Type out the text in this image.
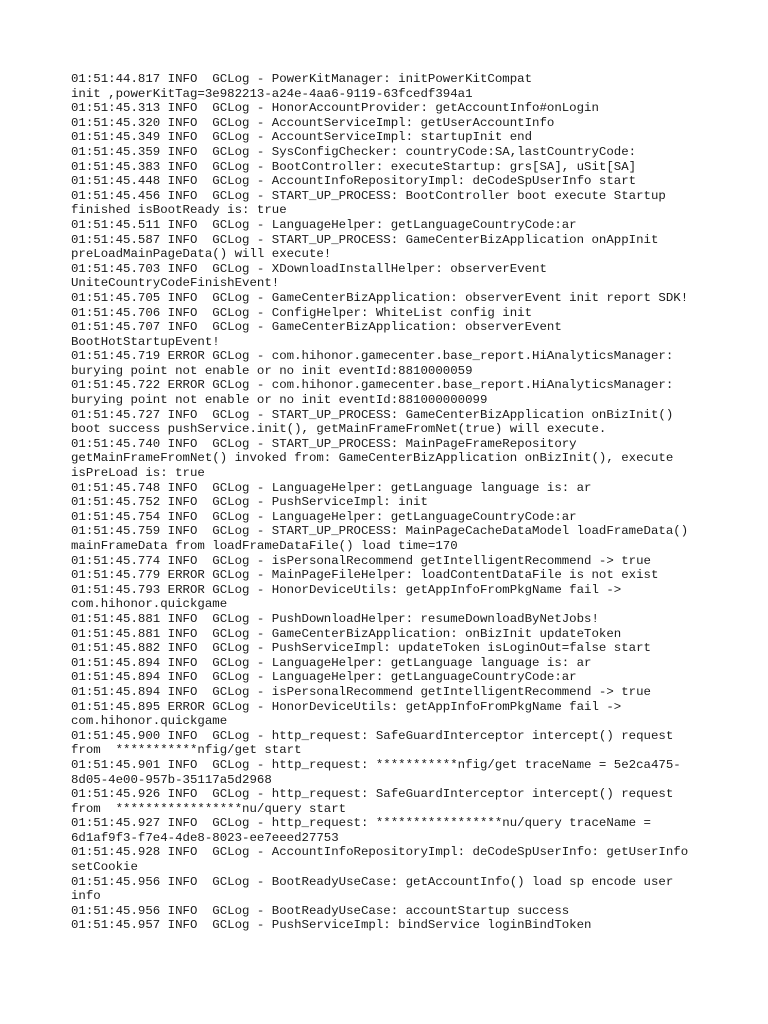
01:51:44.817 INFO  GCLog - PowerKitManager: initPowerKitCompat
init ,powerKitTag=3e982213-a24e-4aa6-9119-63fcedf394a1
01:51:45.313 INFO  GCLog - HonorAccountProvider: getAccountInfo#onLogin
01:51:45.320 INFO  GCLog - AccountServiceImpl: getUserAccountInfo
01:51:45.349 INFO  GCLog - AccountServiceImpl: startupInit end
01:51:45.359 INFO  GCLog - SysConfigChecker: countryCode:SA,lastCountryCode:
01:51:45.383 INFO  GCLog - BootController: executeStartup: grs[SA], uSit[SA]
01:51:45.448 INFO  GCLog - AccountInfoRepositoryImpl: deCodeSpUserInfo start
01:51:45.456 INFO  GCLog - START_UP_PROCESS: BootController boot execute Startup
finished isBootReady is: true
01:51:45.511 INFO  GCLog - LanguageHelper: getLanguageCountryCode:ar
01:51:45.587 INFO  GCLog - START_UP_PROCESS: GameCenterBizApplication onAppInit
preLoadMainPageData() will execute!
01:51:45.703 INFO  GCLog - XDownloadInstallHelper: observerEvent
UniteCountryCodeFinishEvent!
01:51:45.705 INFO  GCLog - GameCenterBizApplication: observerEvent init report SDK!
01:51:45.706 INFO  GCLog - ConfigHelper: WhiteList config init
01:51:45.707 INFO  GCLog - GameCenterBizApplication: observerEvent
BootHotStartupEvent!
01:51:45.719 ERROR GCLog - com.hihonor.gamecenter.base_report.HiAnalyticsManager:
burying point not enable or no init eventId:8810000059
01:51:45.722 ERROR GCLog - com.hihonor.gamecenter.base_report.HiAnalyticsManager:
burying point not enable or no init eventId:881000000099
01:51:45.727 INFO  GCLog - START_UP_PROCESS: GameCenterBizApplication onBizInit()
boot success pushService.init(), getMainFrameFromNet(true) will execute.
01:51:45.740 INFO  GCLog - START_UP_PROCESS: MainPageFrameRepository
getMainFrameFromNet() invoked from: GameCenterBizApplication onBizInit(), execute
isPreLoad is: true
01:51:45.748 INFO  GCLog - LanguageHelper: getLanguage language is: ar
01:51:45.752 INFO  GCLog - PushServiceImpl: init
01:51:45.754 INFO  GCLog - LanguageHelper: getLanguageCountryCode:ar
01:51:45.759 INFO  GCLog - START_UP_PROCESS: MainPageCacheDataModel loadFrameData()
mainFrameData from loadFrameDataFile() load time=170
01:51:45.774 INFO  GCLog - isPersonalRecommend getIntelligentRecommend -> true
01:51:45.779 ERROR GCLog - MainPageFileHelper: loadContentDataFile is not exist
01:51:45.793 ERROR GCLog - HonorDeviceUtils: getAppInfoFromPkgName fail ->
com.hihonor.quickgame
01:51:45.881 INFO  GCLog - PushDownloadHelper: resumeDownloadByNetJobs!
01:51:45.881 INFO  GCLog - GameCenterBizApplication: onBizInit updateToken
01:51:45.882 INFO  GCLog - PushServiceImpl: updateToken isLoginOut=false start
01:51:45.894 INFO  GCLog - LanguageHelper: getLanguage language is: ar
01:51:45.894 INFO  GCLog - LanguageHelper: getLanguageCountryCode:ar
01:51:45.894 INFO  GCLog - isPersonalRecommend getIntelligentRecommend -> true
01:51:45.895 ERROR GCLog - HonorDeviceUtils: getAppInfoFromPkgName fail ->
com.hihonor.quickgame
01:51:45.900 INFO  GCLog - http_request: SafeGuardInterceptor intercept() request
from  ***********nfig/get start
01:51:45.901 INFO  GCLog - http_request: ***********nfig/get traceName = 5e2ca475-
8d05-4e00-957b-35117a5d2968
01:51:45.926 INFO  GCLog - http_request: SafeGuardInterceptor intercept() request
from  *****************nu/query start
01:51:45.927 INFO  GCLog - http_request: *****************nu/query traceName =
6d1af9f3-f7e4-4de8-8023-ee7eeed27753
01:51:45.928 INFO  GCLog - AccountInfoRepositoryImpl: deCodeSpUserInfo: getUserInfo
setCookie
01:51:45.956 INFO  GCLog - BootReadyUseCase: getAccountInfo() load sp encode user
info
01:51:45.956 INFO  GCLog - BootReadyUseCase: accountStartup success
01:51:45.957 INFO  GCLog - PushServiceImpl: bindService loginBindToken
